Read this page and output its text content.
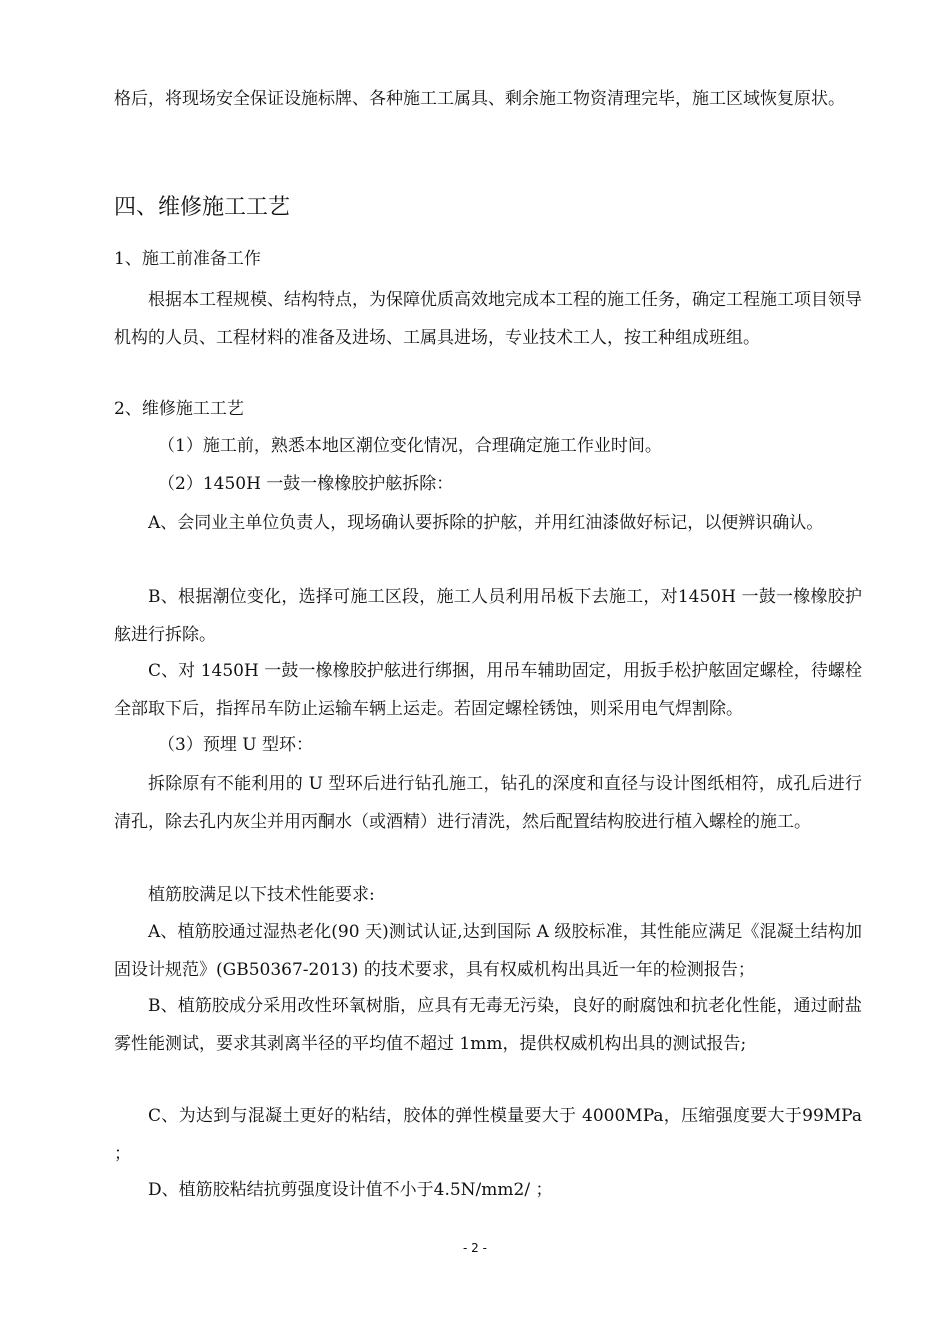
格后，将现场安全保证设施标牌、各种施工工属具、剩余施工物资清理完毕，施工区域恢复原状。

四、维修施工工艺

1、施工前准备工作

根据本工程规模、结构特点，为保障优质高效地完成本工程的施工任务，确定工程施工项目领导机构的人员、工程材料的准备及进场、工属具进场，专业技术工人，按工种组成班组。

2、维修施工工艺

（1）施工前，熟悉本地区潮位变化情况，合理确定施工作业时间。

（2）1450H 一鼓一橡橡胶护舷拆除：

A、会同业主单位负责人，现场确认要拆除的护舷，并用红油漆做好标记，以便辨识确认。

B、根据潮位变化，选择可施工区段，施工人员利用吊板下去施工，对1450H 一鼓一橡橡胶护舷进行拆除。

C、对 1450H 一鼓一橡橡胶护舷进行绑捆，用吊车辅助固定，用扳手松护舷固定螺栓，待螺栓全部取下后，指挥吊车防止运输车辆上运走。若固定螺栓锈蚀，则采用电气焊割除。

（3）预埋 U 型环：

拆除原有不能利用的 U 型环后进行钻孔施工，钻孔的深度和直径与设计图纸相符，成孔后进行清孔，除去孔内灰尘并用丙酮水（或酒精）进行清洗，然后配置结构胶进行植入螺栓的施工。

植筋胶满足以下技术性能要求:

A、植筋胶通过湿热老化(90 天)测试认证,达到国际 A 级胶标准，其性能应满足《混凝土结构加固设计规范》(GB50367-2013) 的技术要求，具有权威机构出具近一年的检测报告；

B、植筋胶成分采用改性环氧树脂，应具有无毒无污染，良好的耐腐蚀和抗老化性能，通过耐盐雾性能测试，要求其剥离半径的平均值不超过 1mm，提供权威机构出具的测试报告;

C、为达到与混凝土更好的粘结，胶体的弹性模量要大于 4000MPa，压缩强度要大于99MPa ；

D、植筋胶粘结抗剪强度设计值不小于4.5N/mm2/ ；

- 2 -
